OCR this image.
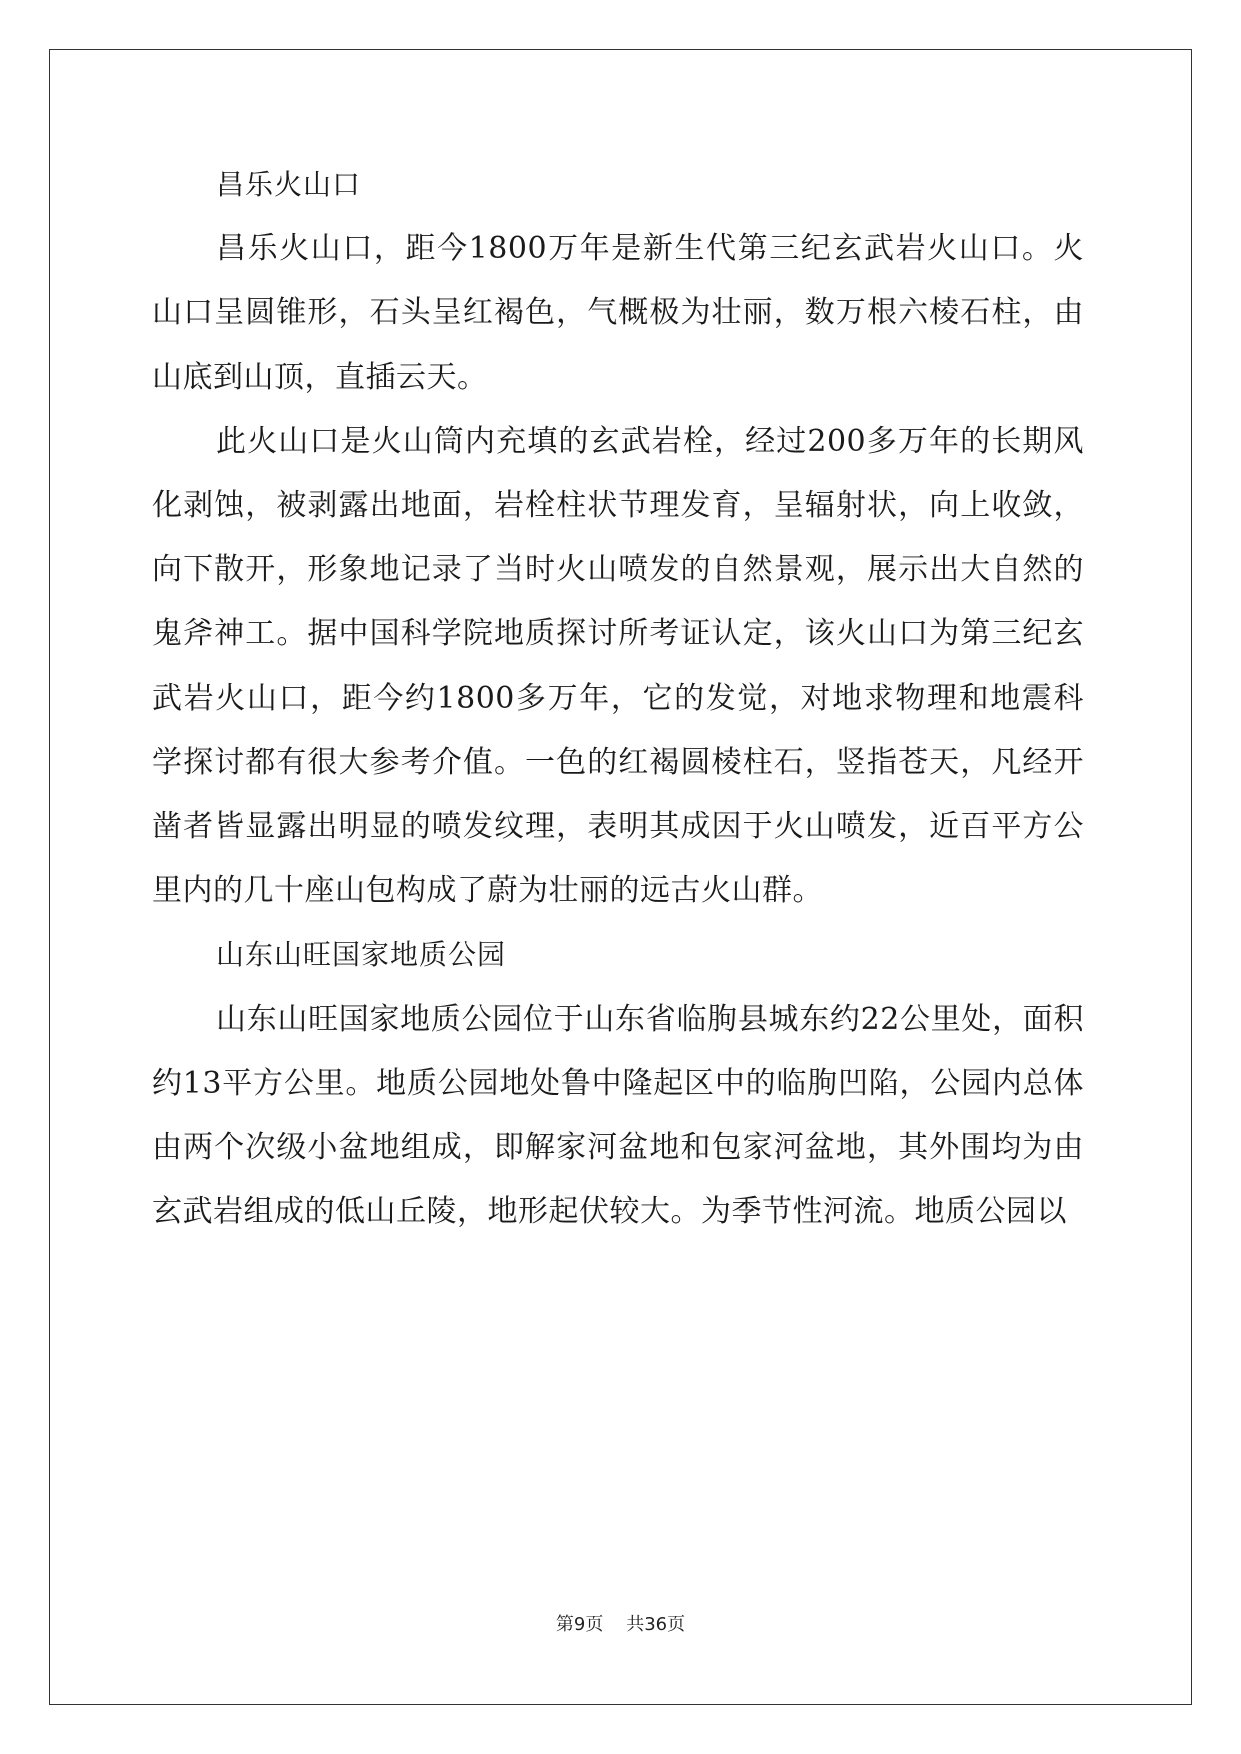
昌乐火山口

昌乐火山口，距今1800万年是新生代第三纪玄武岩火山口。火山口呈圆锥形，石头呈红褐色，气概极为壮丽，数万根六棱石柱，由山底到山顶，直插云天。

此火山口是火山筒内充填的玄武岩栓，经过200多万年的长期风化剥蚀，被剥露出地面，岩栓柱状节理发育，呈辐射状，向上收敛，向下散开，形象地记录了当时火山喷发的自然景观，展示出大自然的鬼斧神工。据中国科学院地质探讨所考证认定，该火山口为第三纪玄武岩火山口，距今约1800多万年，它的发觉，对地求物理和地震科学探讨都有很大参考介值。一色的红褐圆棱柱石，竖指苍天，凡经开凿者皆显露出明显的喷发纹理，表明其成因于火山喷发，近百平方公里内的几十座山包构成了蔚为壮丽的远古火山群。

山东山旺国家地质公园

山东山旺国家地质公园位于山东省临朐县城东约22公里处，面积约13平方公里。地质公园地处鲁中隆起区中的临朐凹陷，公园内总体由两个次级小盆地组成，即解家河盆地和包家河盆地，其外围均为由玄武岩组成的低山丘陵，地形起伏较大。为季节性河流。地质公园以

第9页    共36页
